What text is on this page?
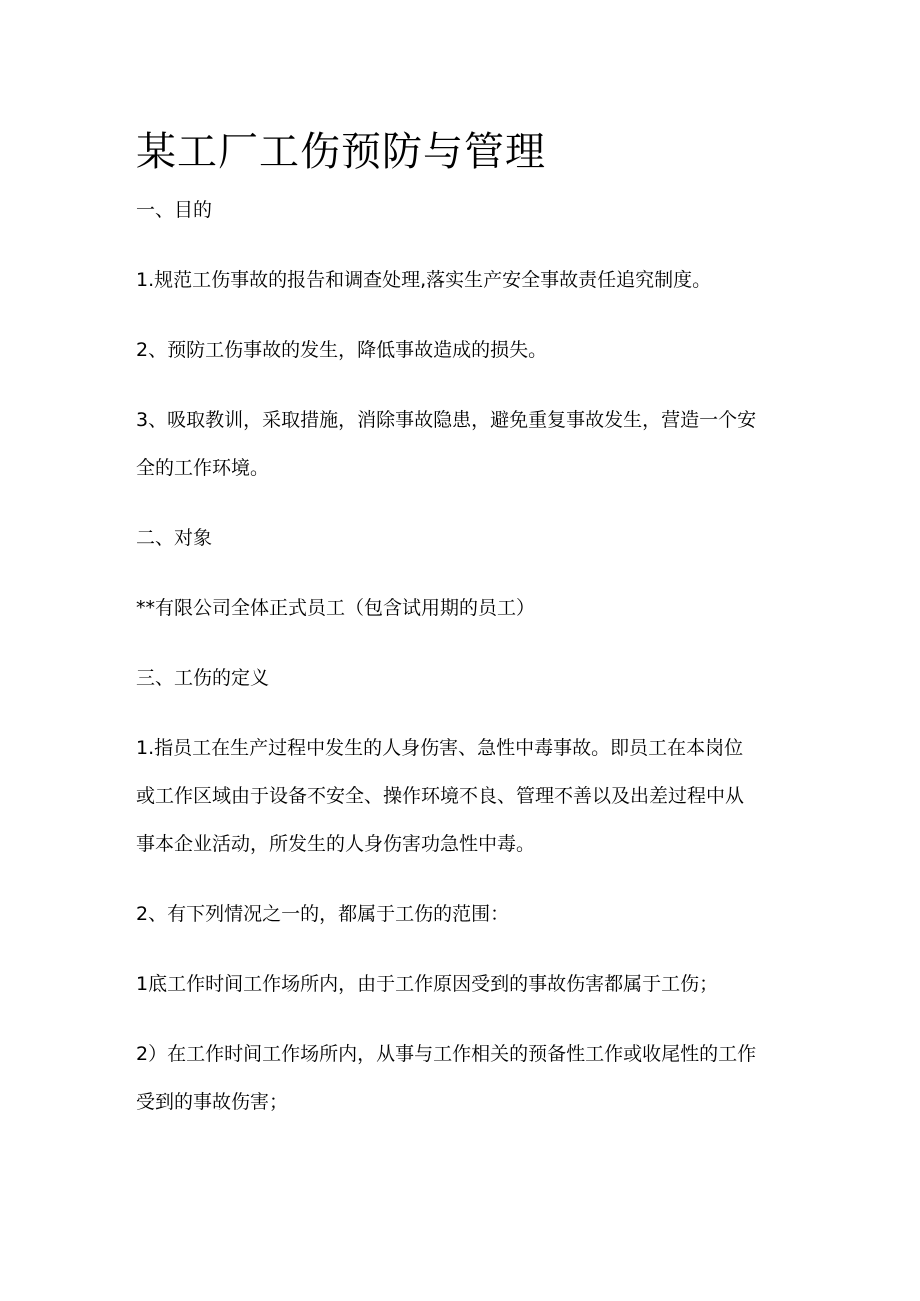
某工厂工伤预防与管理

一、目的

1.规范工伤事故的报告和调查处理,落实生产安全事故责任追究制度。

2、预防工伤事故的发生，降低事故造成的损失。

3、吸取教训，采取措施，消除事故隐患，避免重复事故发生，营造一个安
全的工作环境。

二、对象

**有限公司全体正式员工（包含试用期的员工）

三、工伤的定义

1.指员工在生产过程中发生的人身伤害、急性中毒事故。即员工在本岗位
或工作区域由于设备不安全、操作环境不良、管理不善以及出差过程中从
事本企业活动，所发生的人身伤害功急性中毒。

2、有下列情况之一的，都属于工伤的范围：

1底工作时间工作场所内，由于工作原因受到的事故伤害都属于工伤；

2）在工作时间工作场所内，从事与工作相关的预备性工作或收尾性的工作
受到的事故伤害；
